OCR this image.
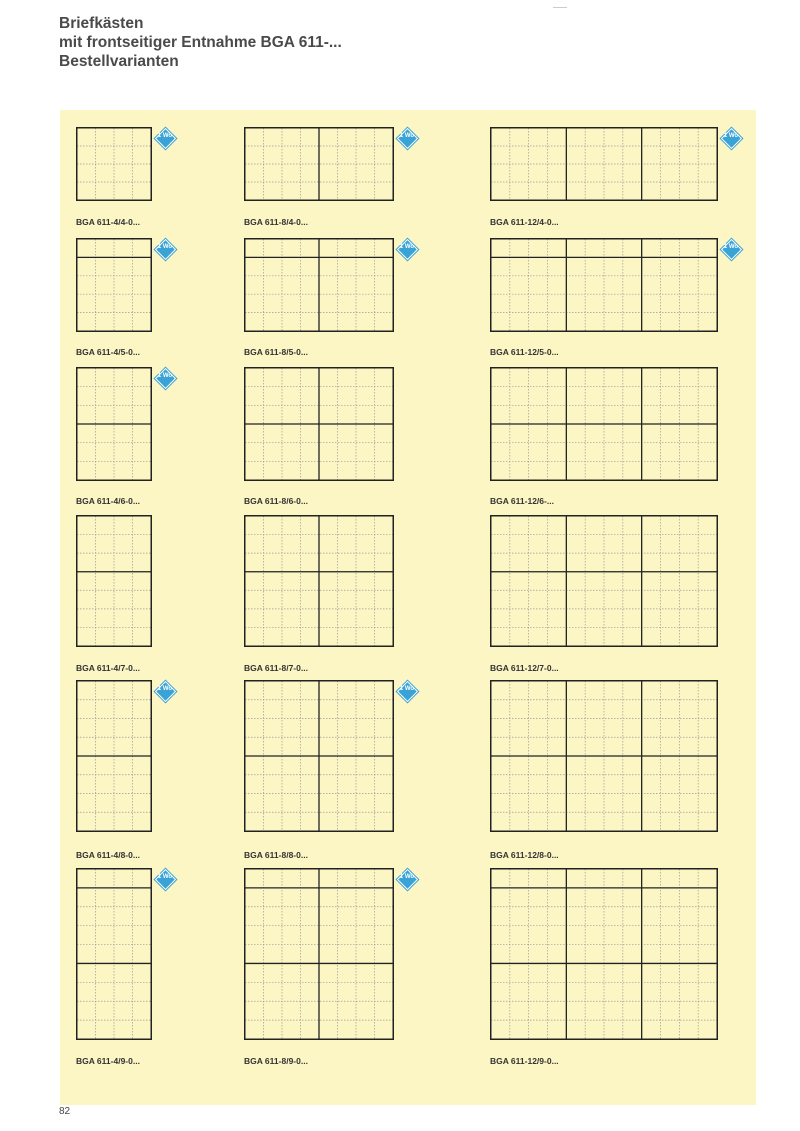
Briefkästen
mit frontseitiger Entnahme BGA 611-...
Bestellvarianten
1 Wo
BGA 611-4/4-0...
1 Wo
BGA 611-8/4-0...
1 Wo
BGA 611-12/4-0...
1 Wo
BGA 611-4/5-0...
1 Wo
BGA 611-8/5-0...
1 Wo
BGA 611-12/5-0...
1 Wo
BGA 611-4/6-0...	BGA 611-8/6-0...	BGA 611-12/6-...
BGA 611-4/7-0...	BGA 611-8/7-0...	BGA 611-12/7-0...
1 Wo
BGA 611-4/8-0...
1 Wo
BGA 611-8/8-0...	BGA 611-12/8-0...
1 Wo
BGA 611-4/9-0...
1 Wo
BGA 611-8/9-0...	BGA 611-12/9-0...
82
